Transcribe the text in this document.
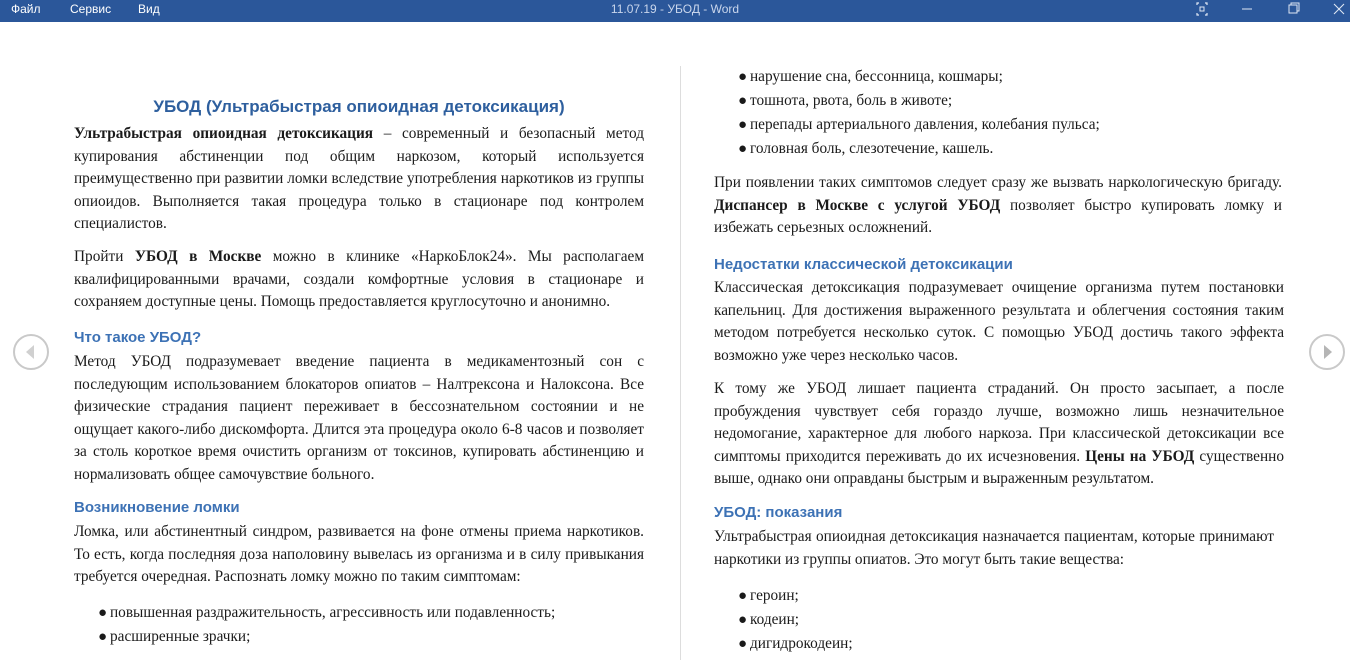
Файл Сервис Вид	11.07.19 - УБОД - Word
УБОД (Ультрабыстрая опиоидная детоксикация)
Ультрабыстрая опиоидная детоксикация – современный и безопасный метод купирования абстиненции под общим наркозом, который используется преимущественно при развитии ломки вследствие употребления наркотиков из группы опиоидов. Выполняется такая процедура только в стационаре под контролем специалистов.
Пройти УБОД в Москве можно в клинике «НаркоБлок24». Мы располагаем квалифицированными врачами, создали комфортные условия в стационаре и сохраняем доступные цены. Помощь предоставляется круглосуточно и анонимно.
Что такое УБОД?
Метод УБОД подразумевает введение пациента в медикаментозный сон с последующим использованием блокаторов опиатов – Налтрексона и Налоксона. Все физические страдания пациент переживает в бессознательном состоянии и не ощущает какого-либо дискомфорта. Длится эта процедура около 6-8 часов и позволяет за столь короткое время очистить организм от токсинов, купировать абстиненцию и нормализовать общее самочувствие больного.
Возникновение ломки
Ломка, или абстинентный синдром, развивается на фоне отмены приема наркотиков. То есть, когда последняя доза наполовину вывелась из организма и в силу привыкания требуется очередная. Распознать ломку можно по таким симптомам:
● повышенная раздражительность, агрессивность или подавленность;
● расширенные зрачки;
● нарушение сна, бессонница, кошмары;
● тошнота, рвота, боль в животе;
● перепады артериального давления, колебания пульса;
● головная боль, слезотечение, кашель.
При появлении таких симптомов следует сразу же вызвать наркологическую бригаду. Диспансер в Москве с услугой УБОД позволяет быстро купировать ломку и избежать серьезных осложнений.
Недостатки классической детоксикации
Классическая детоксикация подразумевает очищение организма путем постановки капельниц. Для достижения выраженного результата и облегчения состояния таким методом потребуется несколько суток. С помощью УБОД достичь такого эффекта возможно уже через несколько часов.
К тому же УБОД лишает пациента страданий. Он просто засыпает, а после пробуждения чувствует себя гораздо лучше, возможно лишь незначительное недомогание, характерное для любого наркоза. При классической детоксикации все симптомы приходится переживать до их исчезновения. Цены на УБОД существенно выше, однако они оправданы быстрым и выраженным результатом.
УБОД: показания
Ультрабыстрая опиоидная детоксикация назначается пациентам, которые принимают наркотики из группы опиатов. Это могут быть такие вещества:
● героин;
● кодеин;
● дигидрокодеин;
